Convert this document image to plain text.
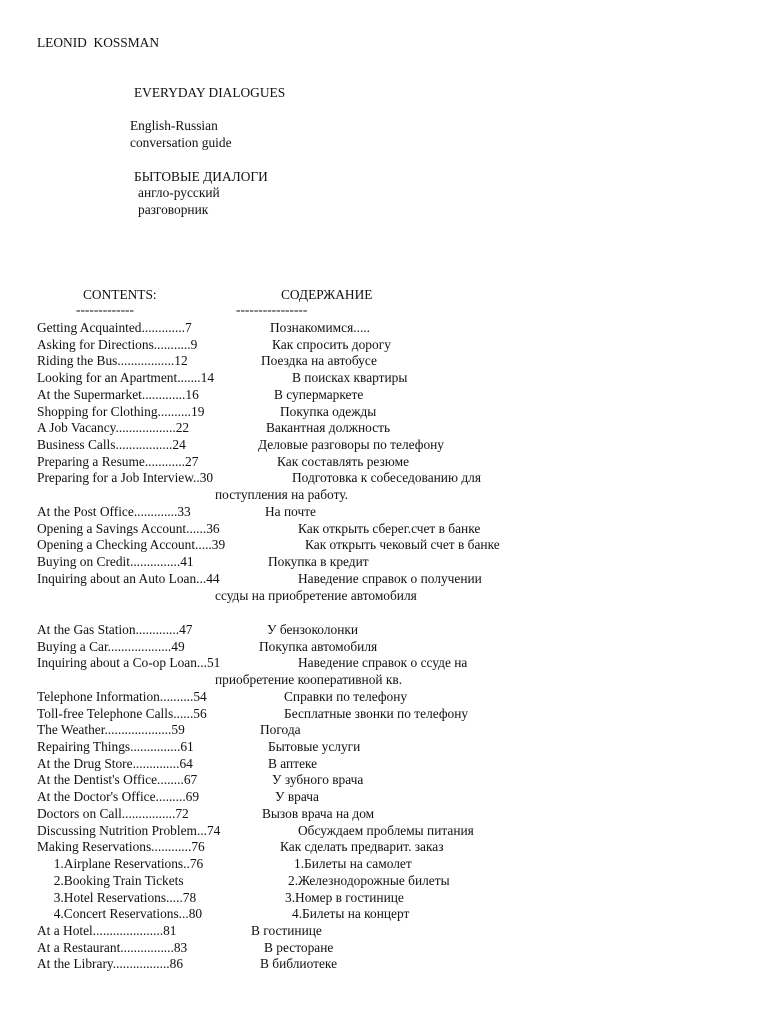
LEONID  KOSSMAN
EVERYDAY DIALOGUES
English-Russian
conversation guide
БЫТОВЫЕ ДИАЛОГИ
англо-русский
разговорник
CONTENTS:	СОДЕРЖАНИЕ
-------------	----------------
Getting Acquainted.............7	Познакомимся.....
Asking for Directions...........9	Как спросить дорогу
Riding the Bus.................12	Поездка на автобусе
Looking for an Apartment.......14	В поисках квартиры
At the Supermarket.............16	В супермаркете
Shopping for Clothing..........19	Покупка одежды
A Job Vacancy..................22	Вакантная должность
Business Calls.................24	Деловые разговоры по телефону
Preparing a Resume............27	Как составлять резюме
Preparing for a Job Interview..30	Подготовка к собеседованию для
поступления на работу.
At the Post Office.............33	На почте
Opening a Savings Account......36	Как открыть сберег.счет в банке
Opening a Checking Account.....39	Как открыть чековый счет в банке
Buying on Credit...............41	Покупка в кредит
Inquiring about an Auto Loan...44	Наведение справок о получении
ссуды на приобретение автомобиля
At the Gas Station.............47	У бензоколонки
Buying a Car...................49	Покупка автомобиля
Inquiring about a Co-op Loan...51	Наведение справок о ссуде на
приобретение кооперативной кв.
Telephone Information..........54	Справки по телефону
Toll-free Telephone Calls......56	Бесплатные звонки по телефону
The Weather....................59	Погода
Repairing Things...............61	Бытовые услуги
At the Drug Store..............64	В аптеке
At the Dentist's Office........67	У зубного врача
At the Doctor's Office.........69	У врача
Doctors on Call................72	Вызов врача на дом
Discussing Nutrition Problem...74	Обсуждаем проблемы питания
Making Reservations............76	Как сделать предварит. заказ
1.Airplane Reservations..76	1.Билеты на самолет
2.Booking Train Tickets	2.Железнодорожные билеты
3.Hotel Reservations.....78	3.Номер в гостинице
4.Concert Reservations...80	4.Билеты на концерт
At a Hotel.....................81	В гостинице
At a Restaurant................83	В ресторане
At the Library.................86	В библиотеке
